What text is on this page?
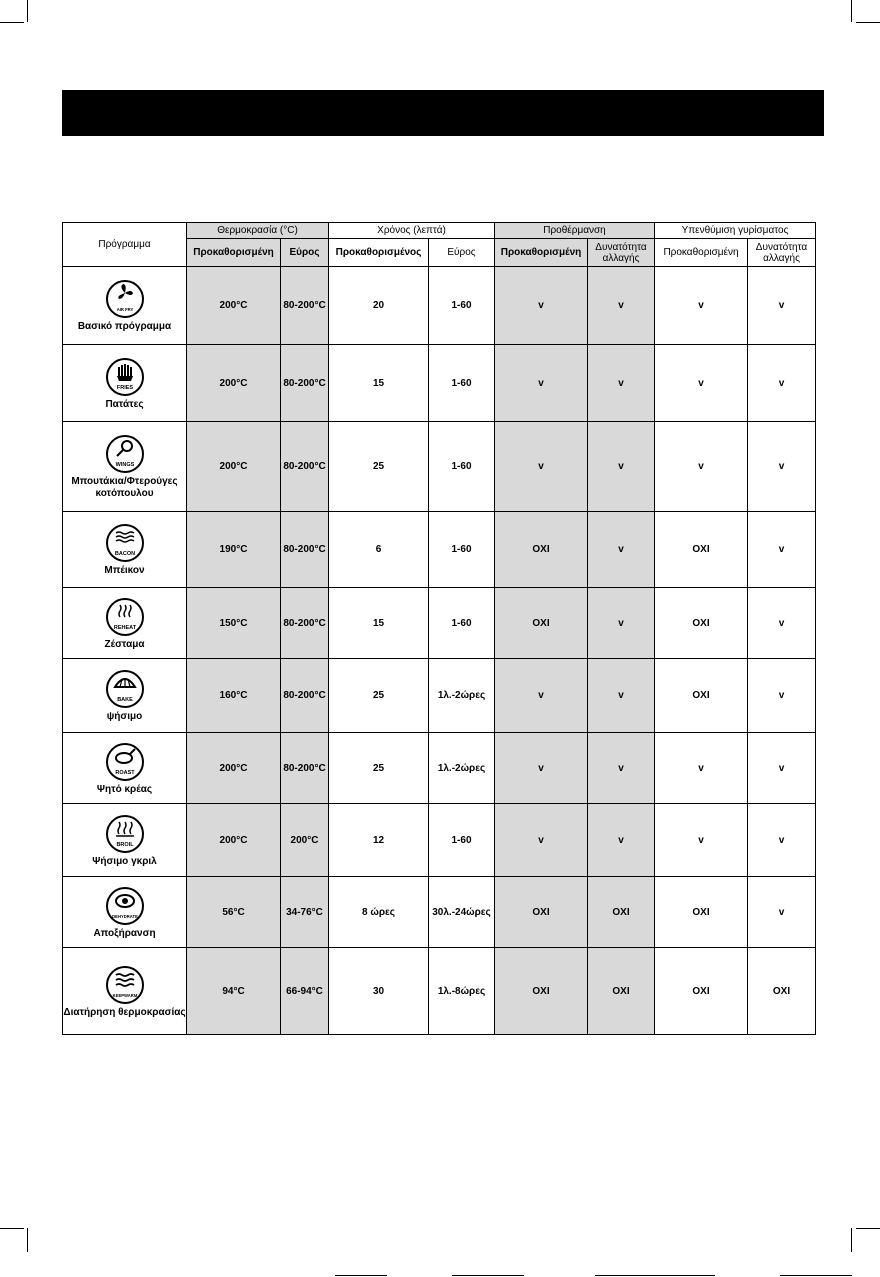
Πρόγραμμα	Θερμοκρασία (°C)		Χρόνος (λεπτά)		Προθέρμανση		Υπενθύμιση γυρίσματος	
	Προκαθορισμένη	Εύρος	Προκαθορισμένος	Εύρος	Προκαθορισμένη	Δυνατότητα αλλαγής	Προκαθορισμένη	Δυνατότητα αλλαγής

AIR FRY
Βασικό πρόγραμμα	200°C	80-200°C	20	1-60	v	v	v	v

FRIES
Πατάτες	200°C	80-200°C	15	1-60	v	v	v	v

WINGS
Μπουτάκια/Φτερούγες κοτόπουλου	200°C	80-200°C	25	1-60	v	v	v	v

BACON
Μπέικον	190°C	80-200°C	6	1-60	OXI	v	OXI	v

REHEAT
Ζέσταμα	150°C	80-200°C	15	1-60	OXI	v	OXI	v

BAKE
ψήσιμο	160°C	80-200°C	25	1λ.-2ώρες	v	v	OXI	v

ROAST
Ψητό κρέας	200°C	80-200°C	25	1λ.-2ώρες	v	v	v	v

BROIL
Ψήσιμο γκριλ	200°C	200°C	12	1-60	v	v	v	v

DEHYDRATE
Αποξήρανση	56°C	34-76°C	8 ώρες	30λ.-24ώρες	OXI	OXI	OXI	v

KEEPWARM
Διατήρηση θερμοκρασίας	94°C	66-94°C	30	1λ.-8ώρες	OXI	OXI	OXI	OXI
